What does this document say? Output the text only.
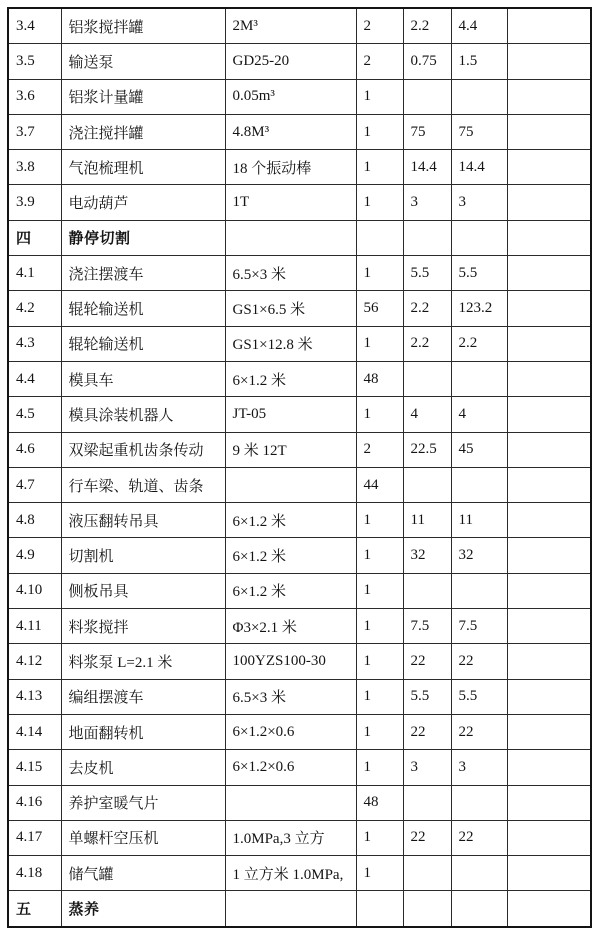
3.4	铝浆搅拌罐	2M³	2	2.2	4.4	
3.5	输送泵	GD25-20	2	0.75	1.5	
3.6	铝浆计量罐	0.05m³	1			
3.7	浇注搅拌罐	4.8M³	1	75	75	
3.8	气泡梳理机	18 个振动棒	1	14.4	14.4	
3.9	电动葫芦	1T	1	3	3	
四	静停切割					
4.1	浇注摆渡车	6.5×3 米	1	5.5	5.5	
4.2	辊轮输送机	GS1×6.5 米	56	2.2	123.2	
4.3	辊轮输送机	GS1×12.8 米	1	2.2	2.2	
4.4	模具车	6×1.2 米	48			
4.5	模具涂装机器人	JT-05	1	4	4	
4.6	双梁起重机齿条传动	9 米 12T	2	22.5	45	
4.7	行车梁、轨道、齿条		44			
4.8	液压翻转吊具	6×1.2 米	1	11	11	
4.9	切割机	6×1.2 米	1	32	32	
4.10	侧板吊具	6×1.2 米	1			
4.11	料浆搅拌	Φ3×2.1 米	1	7.5	7.5	
4.12	料浆泵 L=2.1 米	100YZS100-30	1	22	22	
4.13	编组摆渡车	6.5×3 米	1	5.5	5.5	
4.14	地面翻转机	6×1.2×0.6	1	22	22	
4.15	去皮机	6×1.2×0.6	1	3	3	
4.16	养护室暖气片		48			
4.17	单螺杆空压机	1.0MPa,3 立方	1	22	22	
4.18	储气罐	1 立方米 1.0MPa,	1			
五	蒸养					
